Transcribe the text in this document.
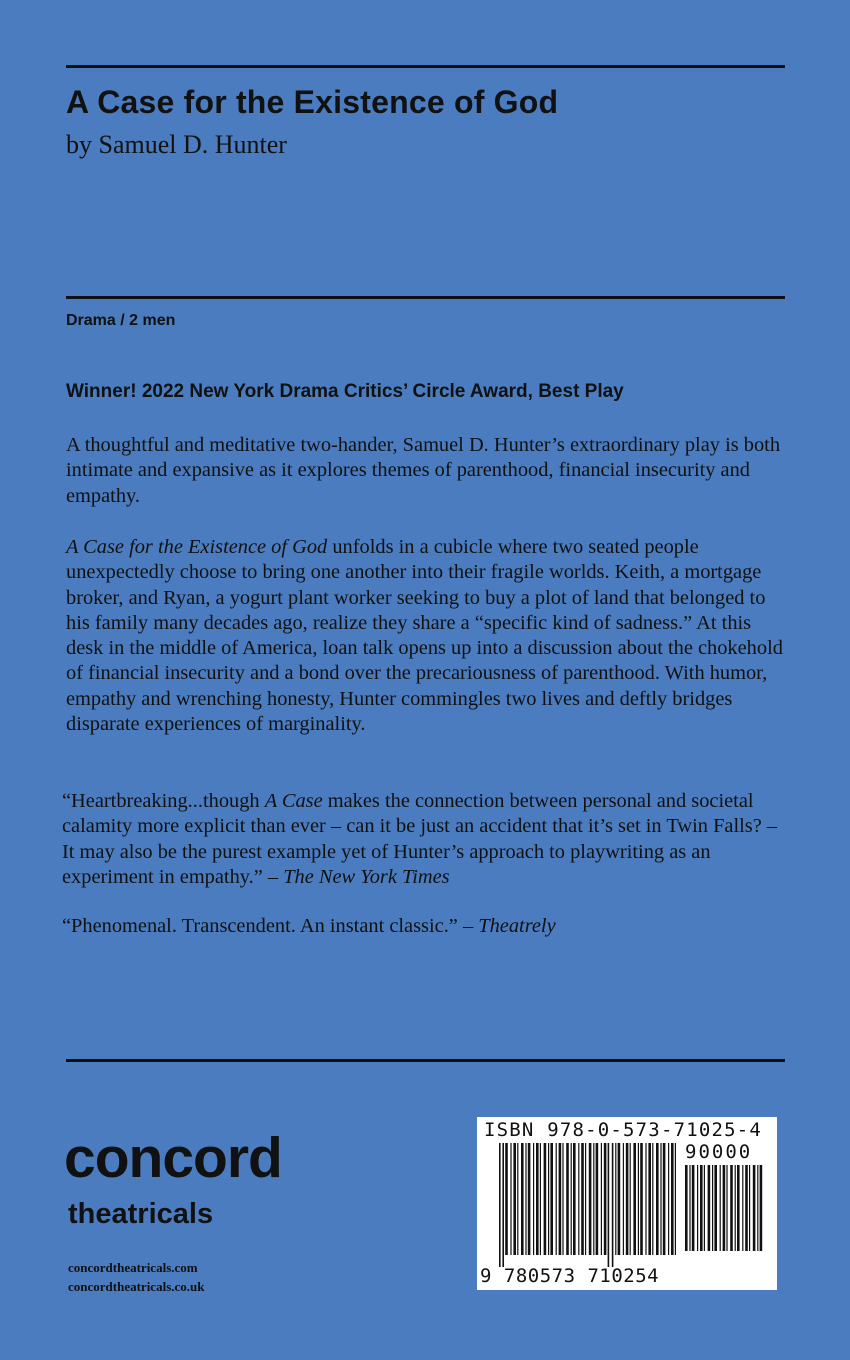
A Case for the Existence of God
by Samuel D. Hunter
Drama / 2 men
Winner! 2022 New York Drama Critics’ Circle Award, Best Play

A thoughtful and meditative two-hander, Samuel D. Hunter’s extraordinary play is both intimate and expansive as it explores themes of parenthood, financial insecurity and empathy.

A Case for the Existence of God unfolds in a cubicle where two seated people unexpectedly choose to bring one another into their fragile worlds. Keith, a mortgage broker, and Ryan, a yogurt plant worker seeking to buy a plot of land that belonged to his family many decades ago, realize they share a “specific kind of sadness.” At this desk in the middle of America, loan talk opens up into a discussion about the chokehold of financial insecurity and a bond over the precariousness of parenthood. With humor, empathy and wrenching honesty, Hunter commingles two lives and deftly bridges disparate experiences of marginality.

“Heartbreaking...though A Case makes the connection between personal and societal calamity more explicit than ever – can it be just an accident that it’s set in Twin Falls? – It may also be the purest example yet of Hunter’s approach to playwriting as an experiment in empathy.” – The New York Times

“Phenomenal. Transcendent. An instant classic.” – Theatrely

concord
theatricals
concordtheatricals.com
concordtheatricals.co.uk
ISBN 978-0-573-71025-4
90000
9 780573 710254
